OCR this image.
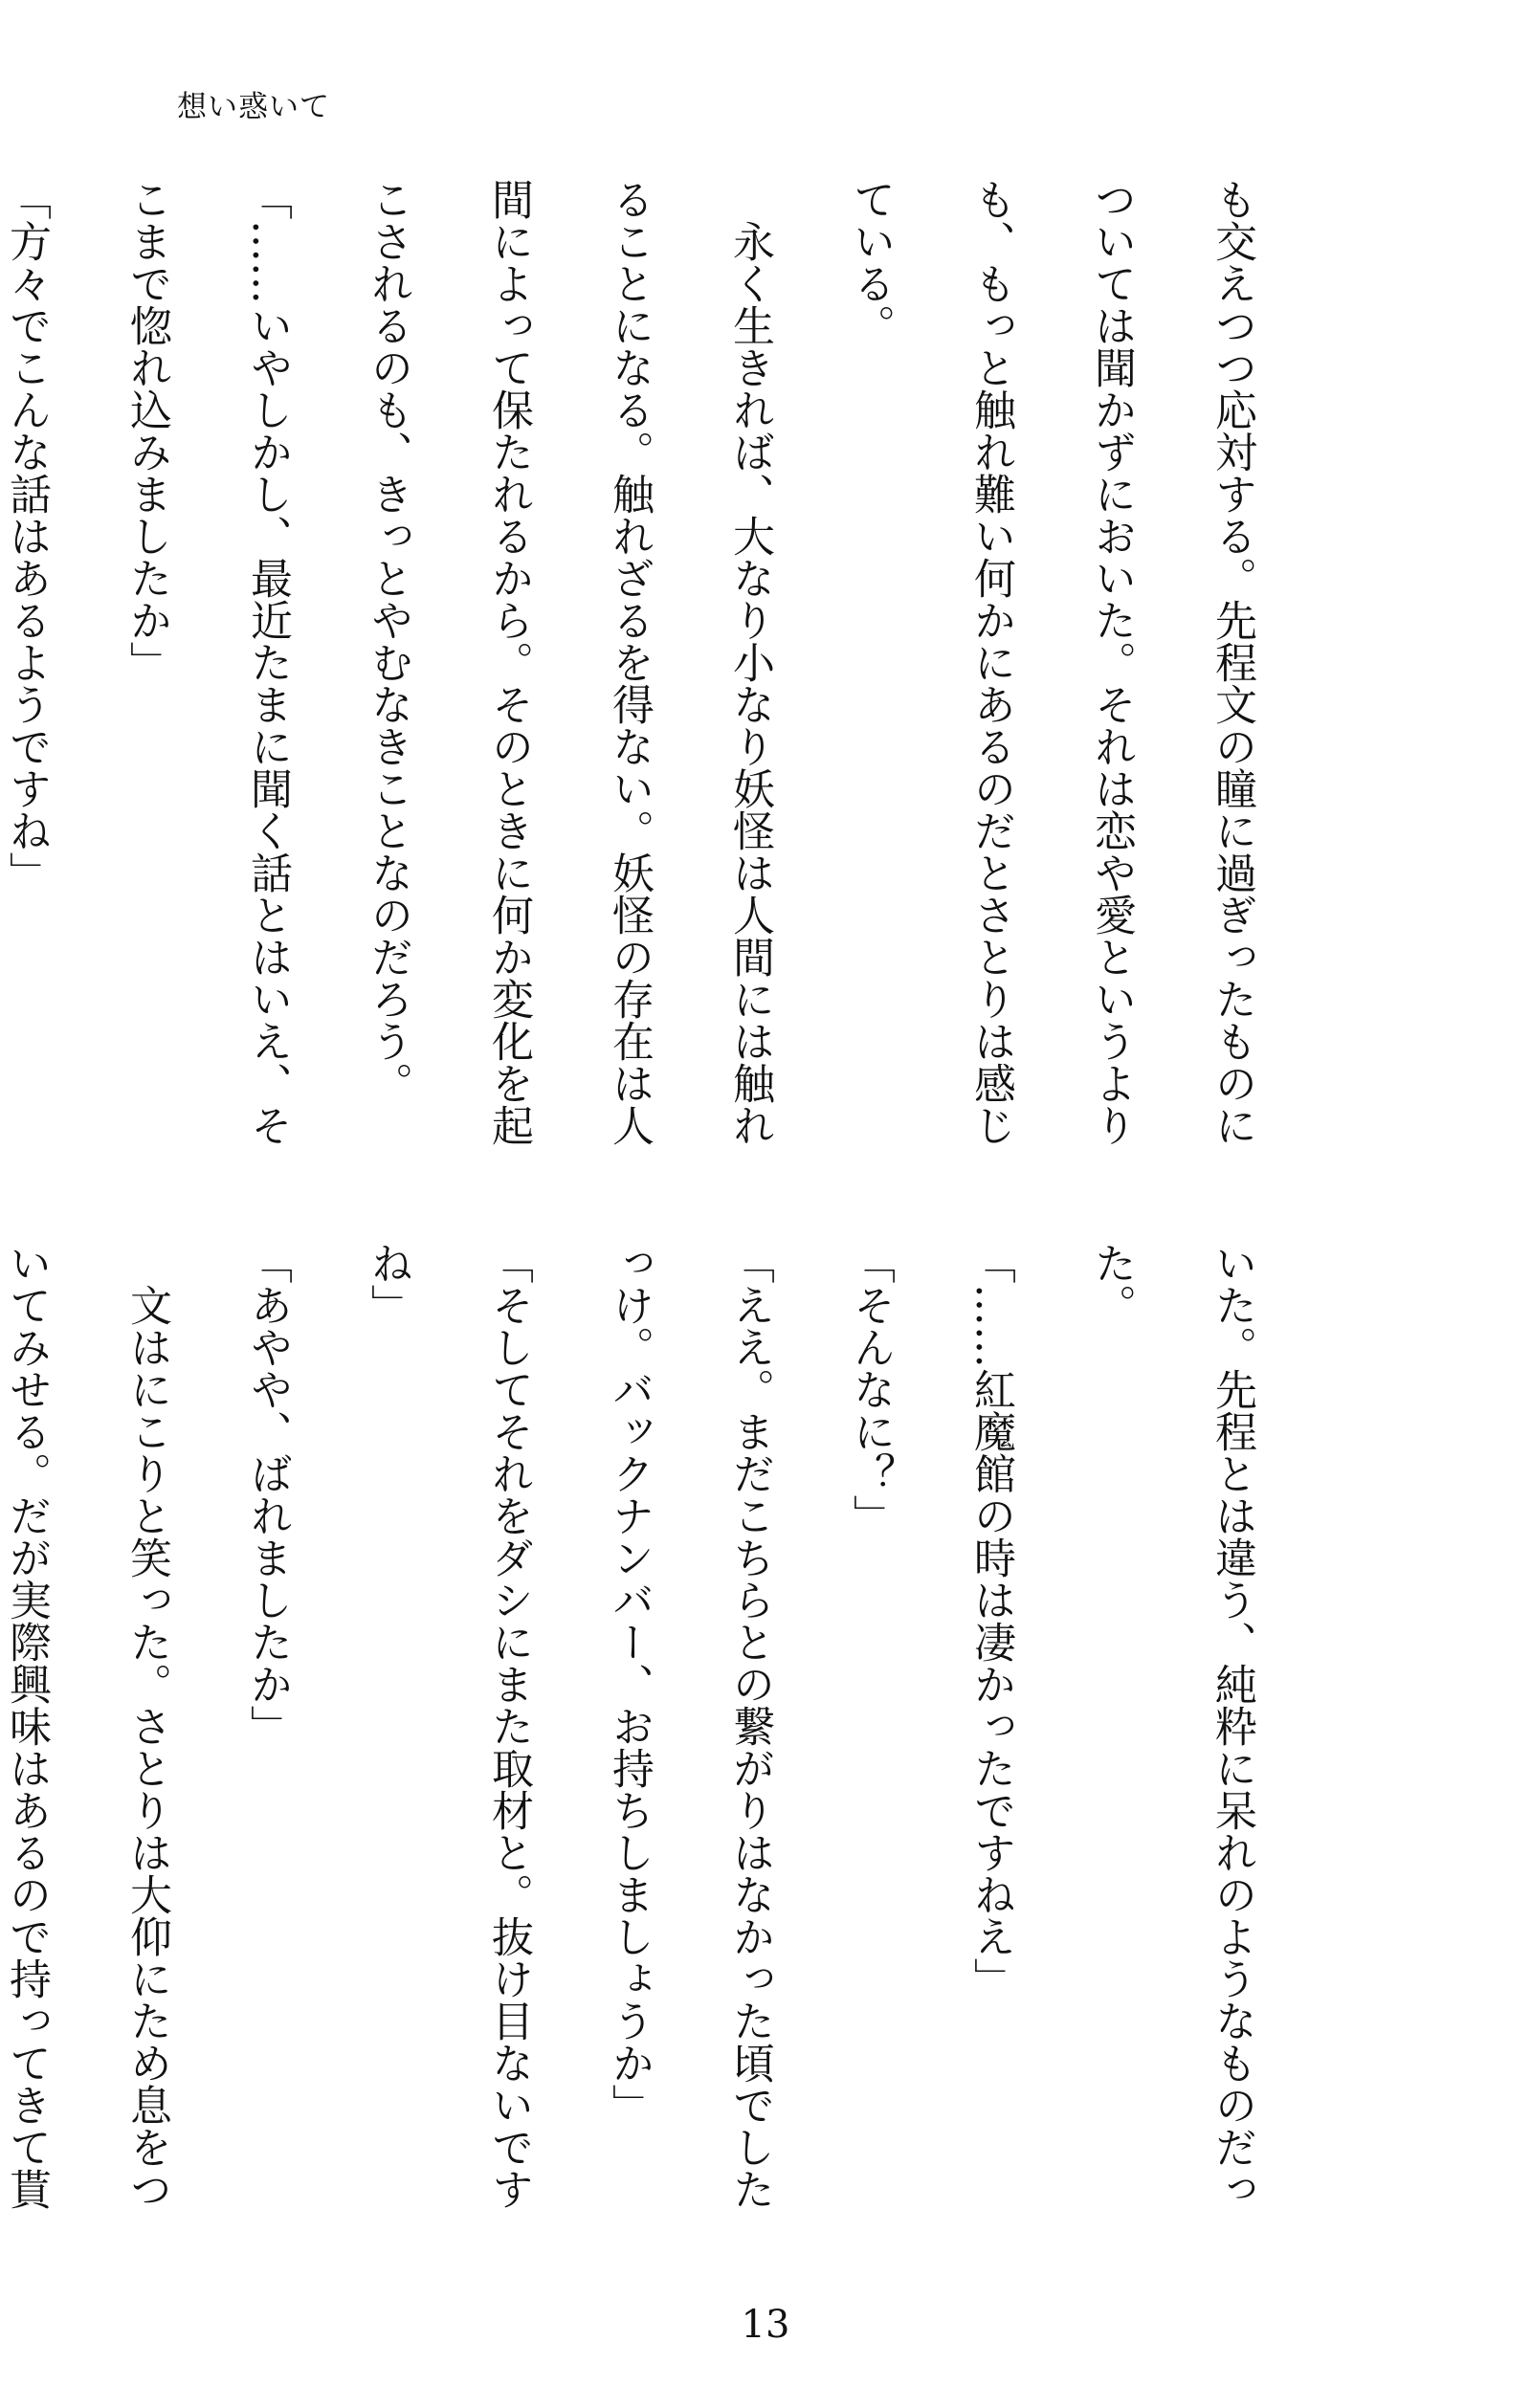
想い惑いて
も交えつつ応対する。先程文の瞳に過ぎったものに
ついては聞かずにおいた。それは恋や愛というより
も、もっと触れ難い何かにあるのだとさとりは感じ
ている。
　永く生きれば、大なり小なり妖怪は人間には触れ
ることになる。触れざるを得ない。妖怪の存在は人
間によって保たれるから。そのときに何か変化を起
こされるのも、きっとやむなきことなのだろう。
「……いやしかし、最近たまに聞く話とはいえ、そ
こまで惚れ込みましたか」
「方々でこんな話はあるようですね」
いた。先程とは違う、純粋に呆れのようなものだっ
た。
「……紅魔館の時は凄かったですねえ」
「そんなに？」
「ええ。まだこちらとの繋がりはなかった頃でした
っけ。バックナンバー、お持ちしましょうか」
「そしてそれをダシにまた取材と。抜け目ないです
ね」
「あやや、ばれましたか」
　文はにこりと笑った。さとりは大仰にため息をつ
いてみせる。だが実際興味はあるので持ってきて貰
13
